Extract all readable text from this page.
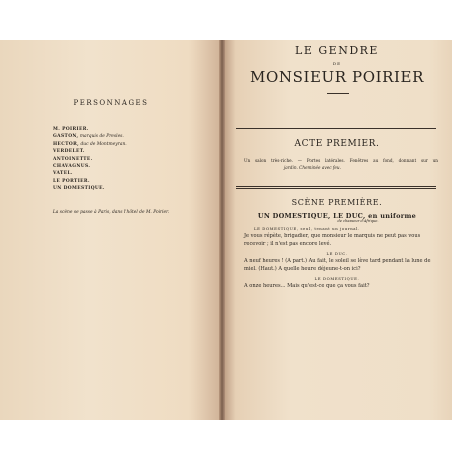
PERSONNAGES
M. POIRIER.
GASTON, marquis de Presles.
HECTOR, duc de Montmeyran.
VERDELET.
ANTOINETTE.
CHAVAGNUS.
VATEL.
LE PORTIER.
UN DOMESTIQUE.
La scène se passe à Paris, dans l'hôtel de M. Poirier.
LE GENDRE
DE
MONSIEUR POIRIER
ACTE PREMIER.
Un salon très-riche. — Portes latérales. Fenêtres au fond, donnant sur un
jardin. Cheminée avec feu.
SCÈNE PREMIÈRE.
UN DOMESTIQUE, LE DUC, en uniforme
de chasseur d'Afrique.
LE DOMESTIQUE, seul, tenant un journal.
Je vous répète, brigadier, que monsieur le marquis ne peut pas vous recevoir ; il n'est pas encore levé.
LE DUC.
A neuf heures ! (A part.) Au fait, le soleil se lève tard pendant la lune de miel. (Haut.) A quelle heure déjeune-t-on ici?
LE DOMESTIQUE.
A onze heures... Mais qu'est-ce que ça vous fait?
